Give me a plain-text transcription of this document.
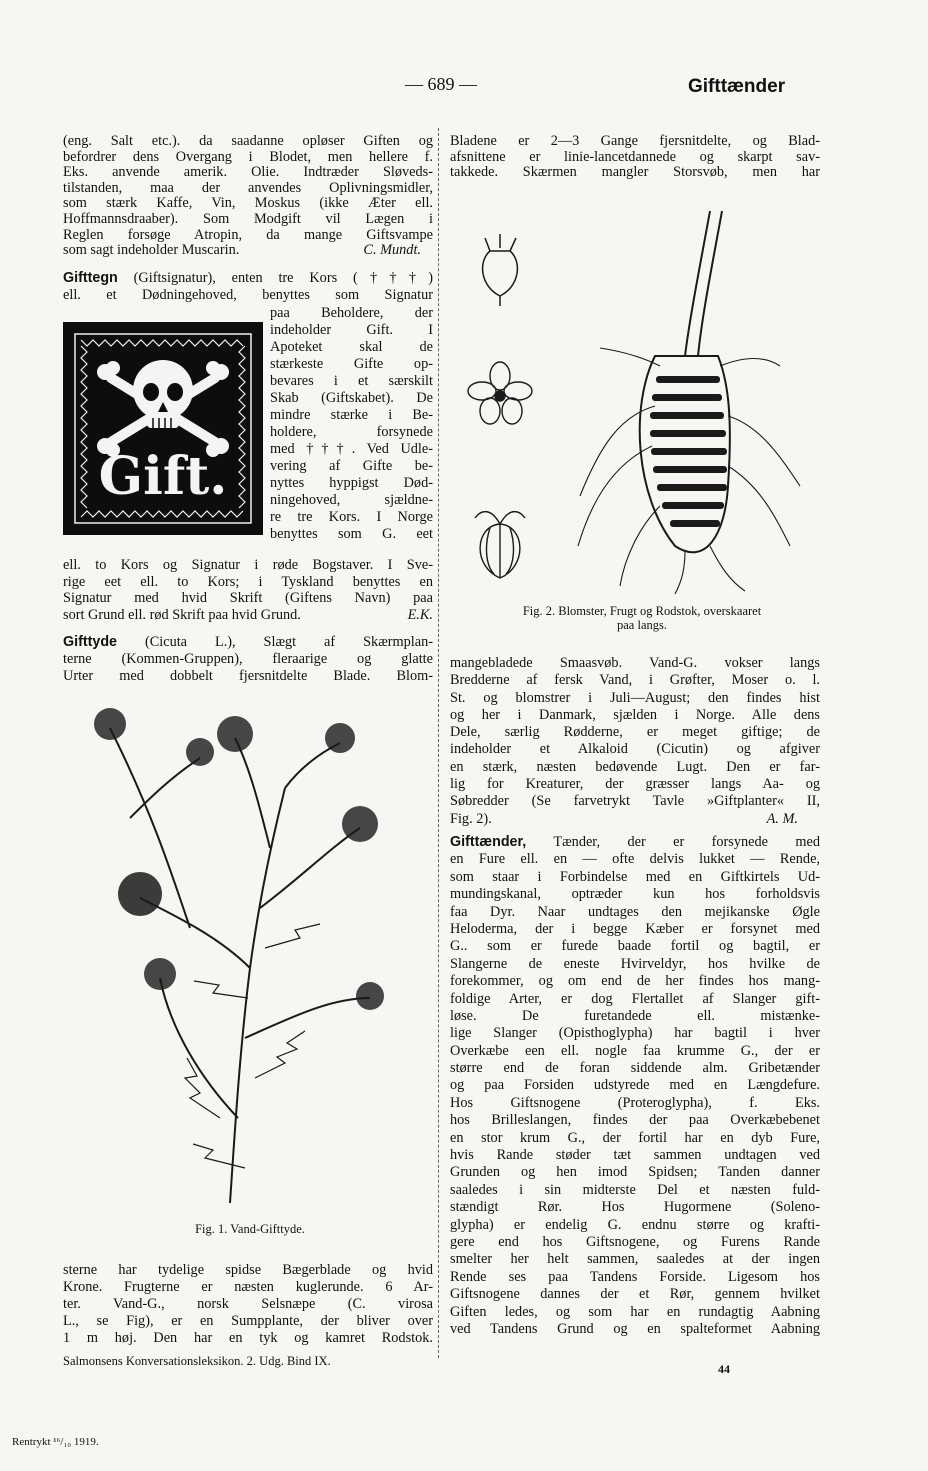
— 689 —	Gifttænder
(eng. Salt etc.). da saadanne opløser Giften og
befordrer dens Overgang i Blodet, men hellere f.
Eks. anvende amerik. Olie. Indtræder Sløveds-
tilstanden, maa der anvendes Oplivningsmidler,
som stærk Kaffe, Vin, Moskus (ikke Æter ell.
Hoffmannsdraaber). Som Modgift vil Lægen i
Reglen forsøge Atropin, da mange Giftsvampe
som sagt indeholder Muscarin.	C. Mundt.
Gifttegn (Giftsignatur), enten tre Kors (†††)
ell. et Dødningehoved, benyttes som Signatur
Gift.
paa Beholdere, der
indeholder Gift. I
Apoteket skal de
stærkeste Gifte op-
bevares i et særskilt
Skab (Giftskabet). De
mindre stærke i Be-
holdere, forsynede
med †††. Ved Udle-
vering af Gifte be-
nyttes hyppigst Død-
ningehoved, sjældne-
re tre Kors. I Norge
benyttes som G. eet
ell. to Kors og Signatur i røde Bogstaver. I Sve-
rige eet ell. to Kors; i Tyskland benyttes en
Signatur med hvid Skrift (Giftens Navn) paa
sort Grund ell. rød Skrift paa hvid Grund.	E.K.
Gifttyde (Cicuta L.), Slægt af Skærmplan-
terne (Kommen-Gruppen), fleraarige og glatte
Urter med dobbelt fjersnitdelte Blade. Blom-
Fig. 1. Vand-Gifttyde.
sterne har tydelige spidse Bægerblade og hvid
Krone. Frugterne er næsten kuglerunde. 6 Ar-
ter. Vand-G., norsk Selsnæpe (C. virosa
L., se Fig), er en Sumpplante, der bliver over
1 m høj. Den har en tyk og kamret Rodstok.
Bladene er 2—3 Gange fjersnitdelte, og Blad-
afsnittene er linie-lancetdannede og skarpt sav-
takkede. Skærmen mangler Storsvøb, men har
Fig. 2. Blomster, Frugt og Rodstok, overskaaret
paa langs.
mangebladede Smaasvøb. Vand-G. vokser langs
Bredderne af fersk Vand, i Grøfter, Moser o. l.
St. og blomstrer i Juli—August; den findes hist
og her i Danmark, sjælden i Norge. Alle dens
Dele, særlig Rødderne, er meget giftige; de
indeholder et Alkaloid (Cicutin) og afgiver
en stærk, næsten bedøvende Lugt. Den er far-
lig for Kreaturer, der græsser langs Aa- og
Søbredder (Se farvetrykt Tavle »Giftplanter« II,
Fig. 2).	A. M.
Gifttænder, Tænder, der er forsynede med
en Fure ell. en — ofte delvis lukket — Rende,
som staar i Forbindelse med en Giftkirtels Ud-
mundingskanal, optræder kun hos forholdsvis
faa Dyr. Naar undtages den mejikanske Øgle
Heloderma, der i begge Kæber er forsynet med
G.. som er furede baade fortil og bagtil, er
Slangerne de eneste Hvirveldyr, hos hvilke de
forekommer, og om end de her findes hos mang-
foldige Arter, er dog Flertallet af Slanger gift-
løse. De furetandede ell. mistænke-
lige Slanger (Opisthoglypha) har bagtil i hver
Overkæbe een ell. nogle faa krumme G., der er
større end de foran siddende alm. Gribetænder
og paa Forsiden udstyrede med en Længdefure.
Hos Giftsnogene (Proteroglypha), f. Eks.
hos Brilleslangen, findes der paa Overkæbebenet
en stor krum G., der fortil har en dyb Fure,
hvis Rande støder tæt sammen undtagen ved
Grunden og hen imod Spidsen; Tanden danner
saaledes i sin midterste Del et næsten fuld-
stændigt Rør. Hos Hugormene (Soleno-
glypha) er endelig G. endnu større og krafti-
gere end hos Giftsnogene, og Furens Rande
smelter her helt sammen, saaledes at der ingen
Rende ses paa Tandens Forside. Ligesom hos
Giftsnogene dannes der et Rør, gennem hvilket
Giften ledes, og som har en rundagtig Aabning
ved Tandens Grund og en spalteformet Aabning
Salmonsens Konversationsleksikon. 2. Udg. Bind IX.
44
Rentrykt ¹⁶/₁₀ 1919.
